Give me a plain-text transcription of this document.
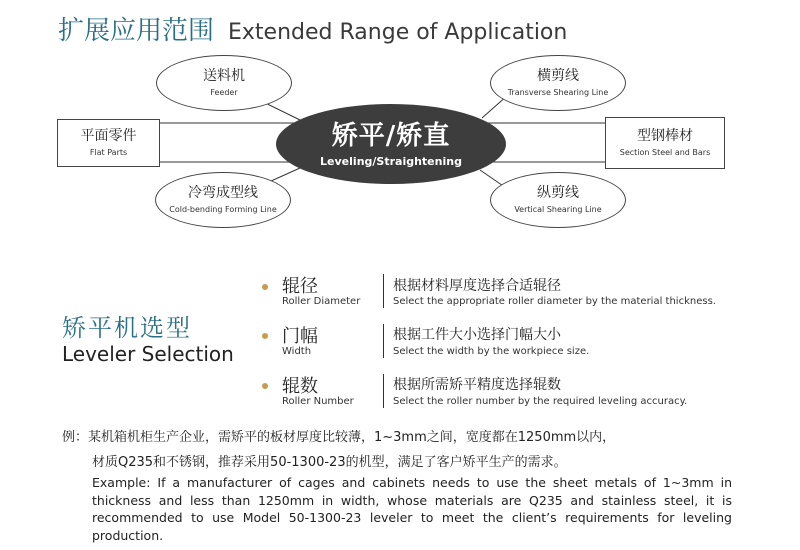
扩展应用范围 Extended Range of Application
送料机
Feeder
横剪线
Transverse Shearing Line
平面零件
Flat Parts
型钢棒材
Section Steel and Bars
冷弯成型线
Cold-bending Forming Line
纵剪线
Vertical Shearing Line
矫平/矫直
Leveling/Straightening
矫平机选型
Leveler Selection
辊径
Roller Diameter
根据材料厚度选择合适辊径
Select the appropriate roller diameter by the material thickness.
门幅
Width
根据工件大小选择门幅大小
Select the width by the workpiece size.
辊数
Roller Number
根据所需矫平精度选择辊数
Select the roller number by the required leveling accuracy.
例：某机箱机柜生产企业，需矫平的板材厚度比较薄，1~3mm之间，宽度都在1250mm以内，
材质Q235和不锈钢，推荐采用50-1300-23的机型，满足了客户矫平生产的需求。
Example: If a manufacturer of cages and cabinets needs to use the sheet metals of 1~3mm in thickness and less than 1250mm in width, whose materials are Q235 and stainless steel, it is recommended to use Model 50-1300-23 leveler to meet the client’s requirements for leveling production.
